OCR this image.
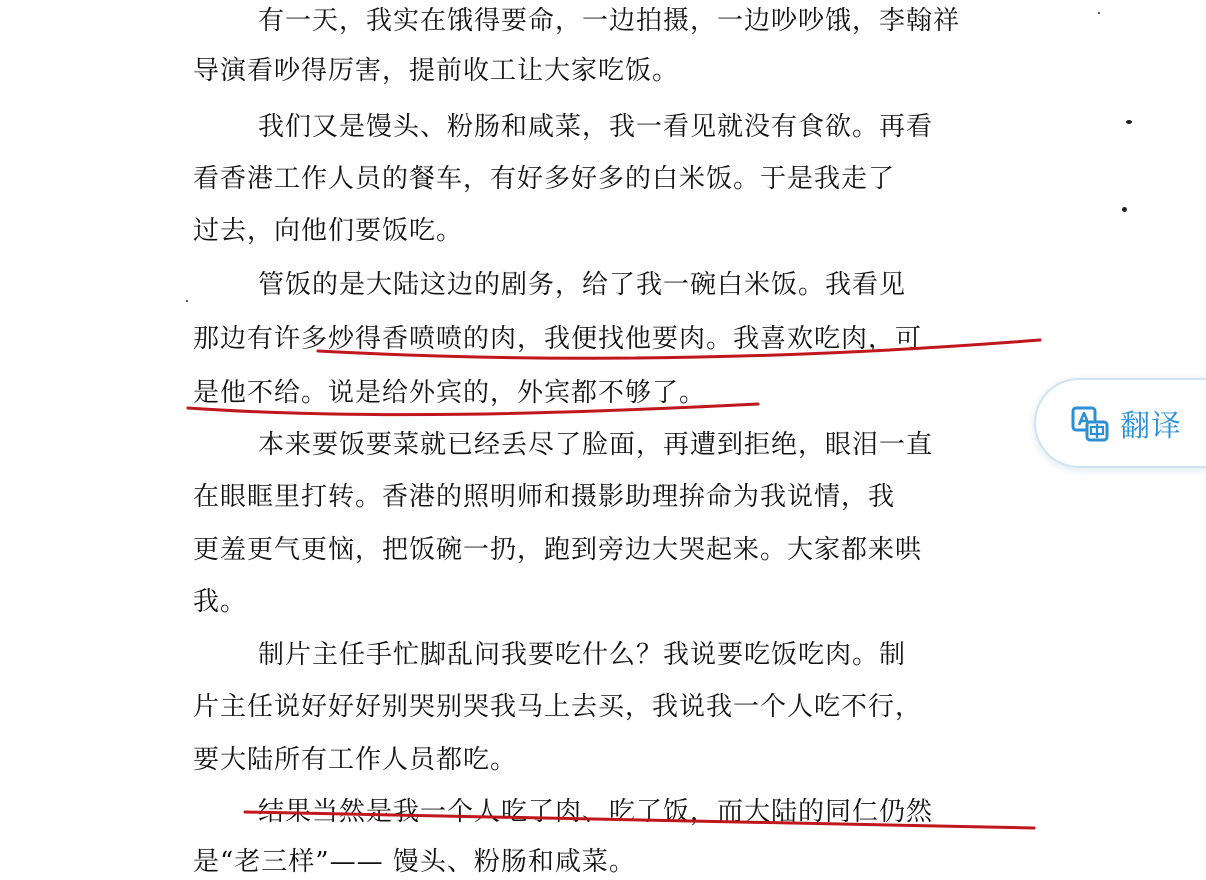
有一天，我实在饿得要命，一边拍摄，一边吵吵饿，李翰祥
导演看吵得厉害，提前收工让大家吃饭。
我们又是馒头、粉肠和咸菜，我一看见就没有食欲。再看
看香港工作人员的餐车，有好多好多的白米饭。于是我走了
过去，向他们要饭吃。
管饭的是大陆这边的剧务，给了我一碗白米饭。我看见
那边有许多炒得香喷喷的肉，我便找他要肉。我喜欢吃肉，可
是他不给。说是给外宾的，外宾都不够了。
本来要饭要菜就已经丢尽了脸面，再遭到拒绝，眼泪一直
在眼眶里打转。香港的照明师和摄影助理拚命为我说情，我
更羞更气更恼，把饭碗一扔，跑到旁边大哭起来。大家都来哄
我。
制片主任手忙脚乱问我要吃什么？我说要吃饭吃肉。制
片主任说好好好别哭别哭我马上去买，我说我一个人吃不行，
要大陆所有工作人员都吃。
结果当然是我一个人吃了肉、吃了饭，而大陆的同仁仍然
是“老三样”—— 馒头、粉肠和咸菜。
翻译
